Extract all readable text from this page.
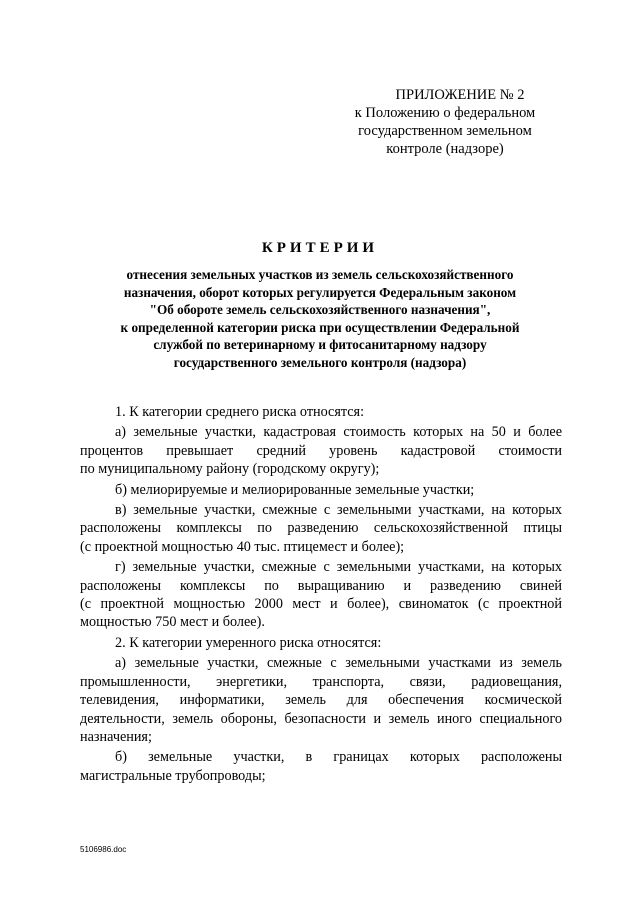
ПРИЛОЖЕНИЕ № 2
к Положению о федеральном
государственном земельном
контроле (надзоре)
КРИТЕРИИ
отнесения земельных участков из земель сельскохозяйственного
назначения, оборот которых регулируется Федеральным законом
"Об обороте земель сельскохозяйственного назначения",
к определенной категории риска при осуществлении Федеральной
службой по ветеринарному и фитосанитарному надзору
государственного земельного контроля (надзора)
1. К категории среднего риска относятся:
а) земельные участки, кадастровая стоимость которых на 50 и более
процентов превышает средний уровень кадастровой стоимости
по муниципальному району (городскому округу);
б) мелиорируемые и мелиорированные земельные участки;
в) земельные участки, смежные с земельными участками, на которых
расположены комплексы по разведению сельскохозяйственной птицы
(с проектной мощностью 40 тыс. птицемест и более);
г) земельные участки, смежные с земельными участками, на которых
расположены комплексы по выращиванию и разведению свиней
(с проектной мощностью 2000 мест и более), свиноматок (с проектной
мощностью 750 мест и более).
2. К категории умеренного риска относятся:
а) земельные участки, смежные с земельными участками из земель
промышленности, энергетики, транспорта, связи, радиовещания,
телевидения, информатики, земель для обеспечения космической
деятельности, земель обороны, безопасности и земель иного специального
назначения;
б) земельные участки, в границах которых расположены
магистральные трубопроводы;
5106986.doc
